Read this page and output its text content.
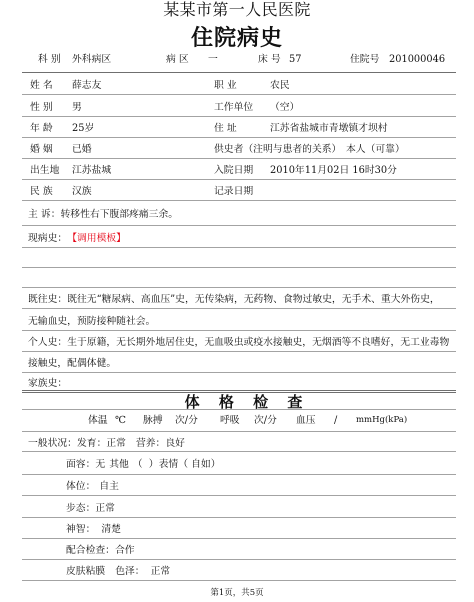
某某市第一人民医院
住院病史
科 别 外科病区	病 区 一	床 号 57	住院号 201000046
姓 名	薛志友	职 业	农民
性 别	男	工作单位	（空）
年 龄	25岁	住 址	江苏省盐城市青墩镇才坝村
婚 姻	已婚	供史者（注明与患者的关系） 本人（可靠）
出生地	江苏盐城	入院日期	2010年11月02日 16时30分
民 族	汉族	记录日期
主 诉： 转移性右下腹部疼痛三余。
现病史： 【调用模板】
既往史： 既往无“糖尿病、高血压”史，无传染病，无药物、食物过敏史，无手术、重大外伤史，
无输血史，预防接种随社会。
个人史： 生于原籍，无长期外地居住史，无血吸虫或疫水接触史，无烟酒等不良嗜好，无工业毒物
接触史，配偶体健。
家族史：
体 格 检 查
体温 ℃ 脉搏 次/分 呼吸 次/分 血压 / mmHg(kPa)
一般状况： 发育： 正常 营养： 良好
面容： 无 其他 （  ） 表情 （ 自如）
体位： 自主
步态： 正常
神智： 清楚
配合检查： 合作
皮肤粘膜 色泽： 正常
第1页，共5页
